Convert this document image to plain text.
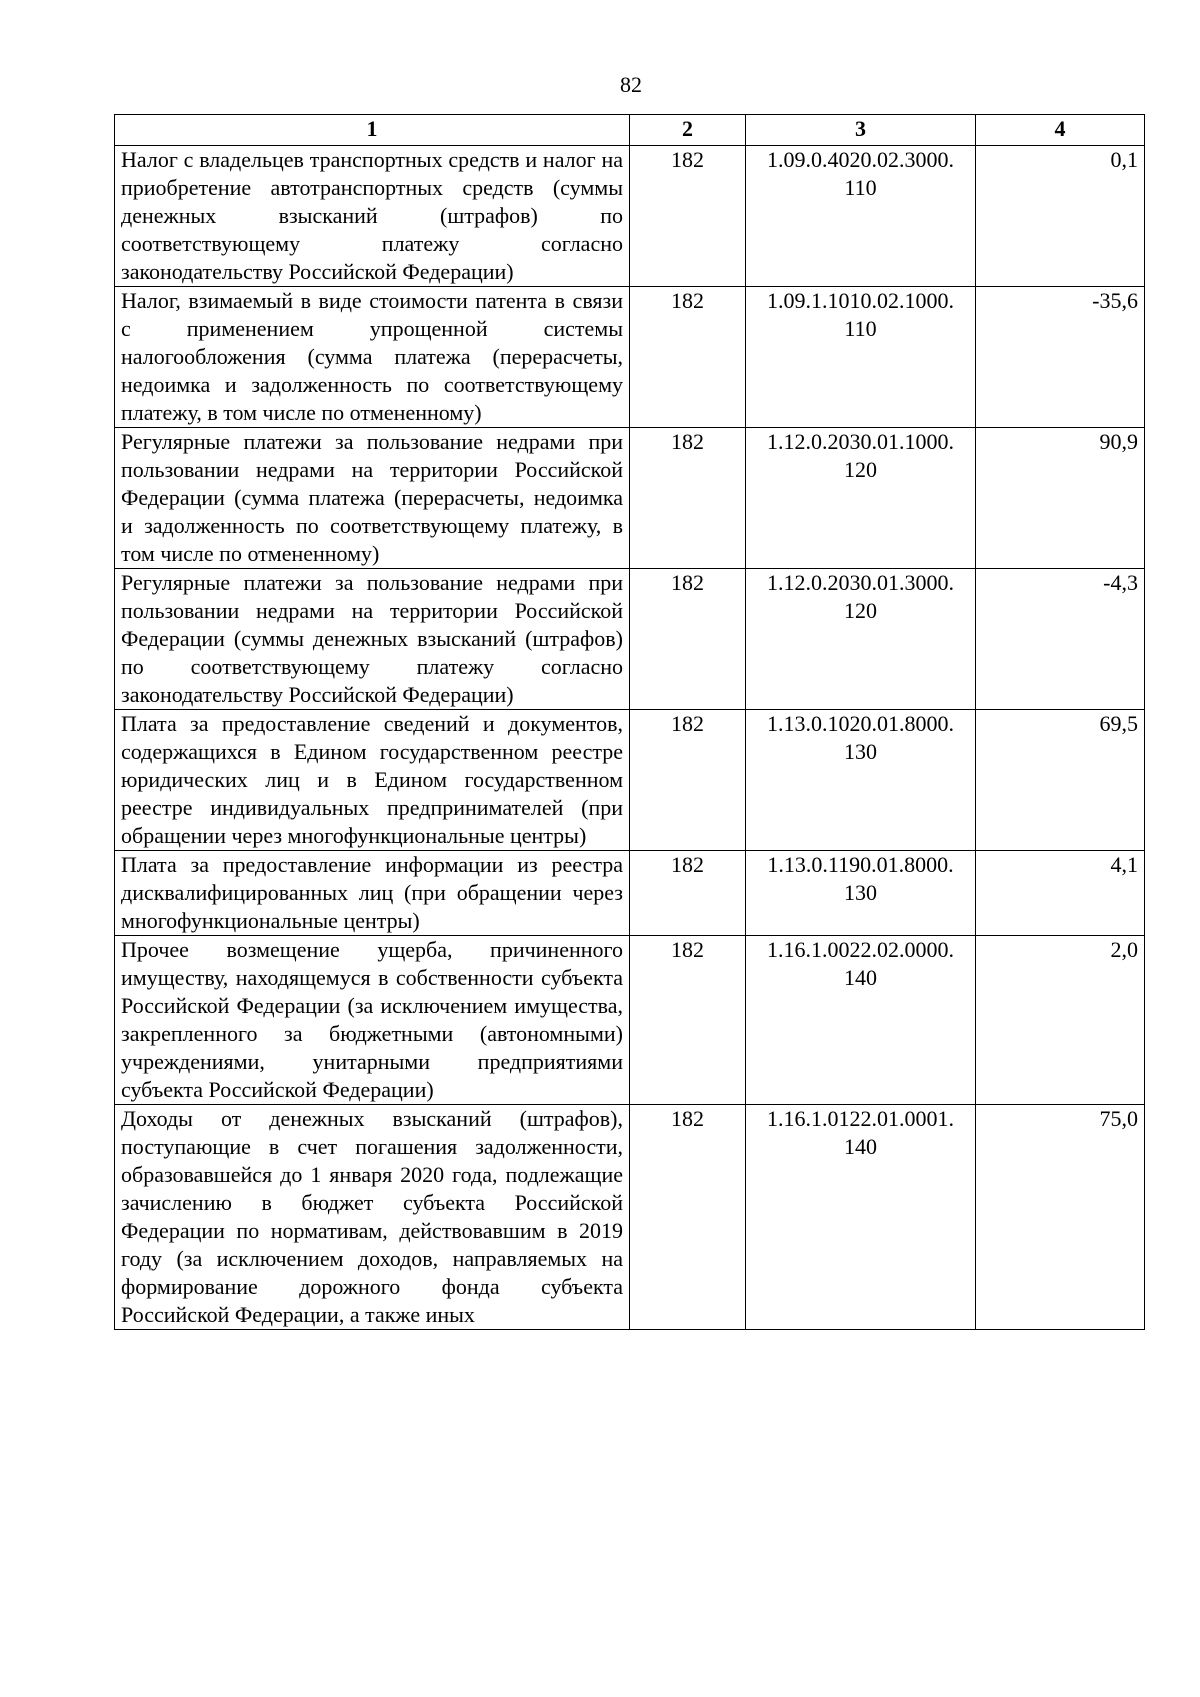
82
1	2	3	4
Налог с владельцев транспортных средств и налог на приобретение автотранспортных средств (суммы денежных взысканий (штрафов) по соответствующему платежу согласно законодательству Российской Федерации)	182	1.09.0.4020.02.3000. 110	0,1
Налог, взимаемый в виде стоимости патента в связи с применением упрощенной системы налогообложения (сумма платежа (перерасчеты, недоимка и задолженность по соответствующему платежу, в том числе по отмененному)	182	1.09.1.1010.02.1000. 110	-35,6
Регулярные платежи за пользование недрами при пользовании недрами на территории Российской Федерации (сумма платежа (перерасчеты, недоимка и задолженность по соответствующему платежу, в том числе по отмененному)	182	1.12.0.2030.01.1000. 120	90,9
Регулярные платежи за пользование недрами при пользовании недрами на территории Российской Федерации (суммы денежных взысканий (штрафов) по соответствующему платежу согласно законодательству Российской Федерации)	182	1.12.0.2030.01.3000. 120	-4,3
Плата за предоставление сведений и документов, содержащихся в Едином государственном реестре юридических лиц и в Едином государственном реестре индивидуальных предпринимателей (при обращении через многофункциональные центры)	182	1.13.0.1020.01.8000. 130	69,5
Плата за предоставление информации из реестра дисквалифицированных лиц (при обращении через многофункциональные центры)	182	1.13.0.1190.01.8000. 130	4,1
Прочее возмещение ущерба, причиненного имуществу, находящемуся в собственности субъекта Российской Федерации (за исключением имущества, закрепленного за бюджетными (автономными) учреждениями, унитарными предприятиями субъекта Российской Федерации)	182	1.16.1.0022.02.0000. 140	2,0
Доходы от денежных взысканий (штрафов), поступающие в счет погашения задолженности, образовавшейся до 1 января 2020 года, подлежащие зачислению в бюджет субъекта Российской Федерации по нормативам, действовавшим в 2019 году (за исключением доходов, направляемых на формирование дорожного фонда субъекта Российской Федерации, а также иных	182	1.16.1.0122.01.0001. 140	75,0
